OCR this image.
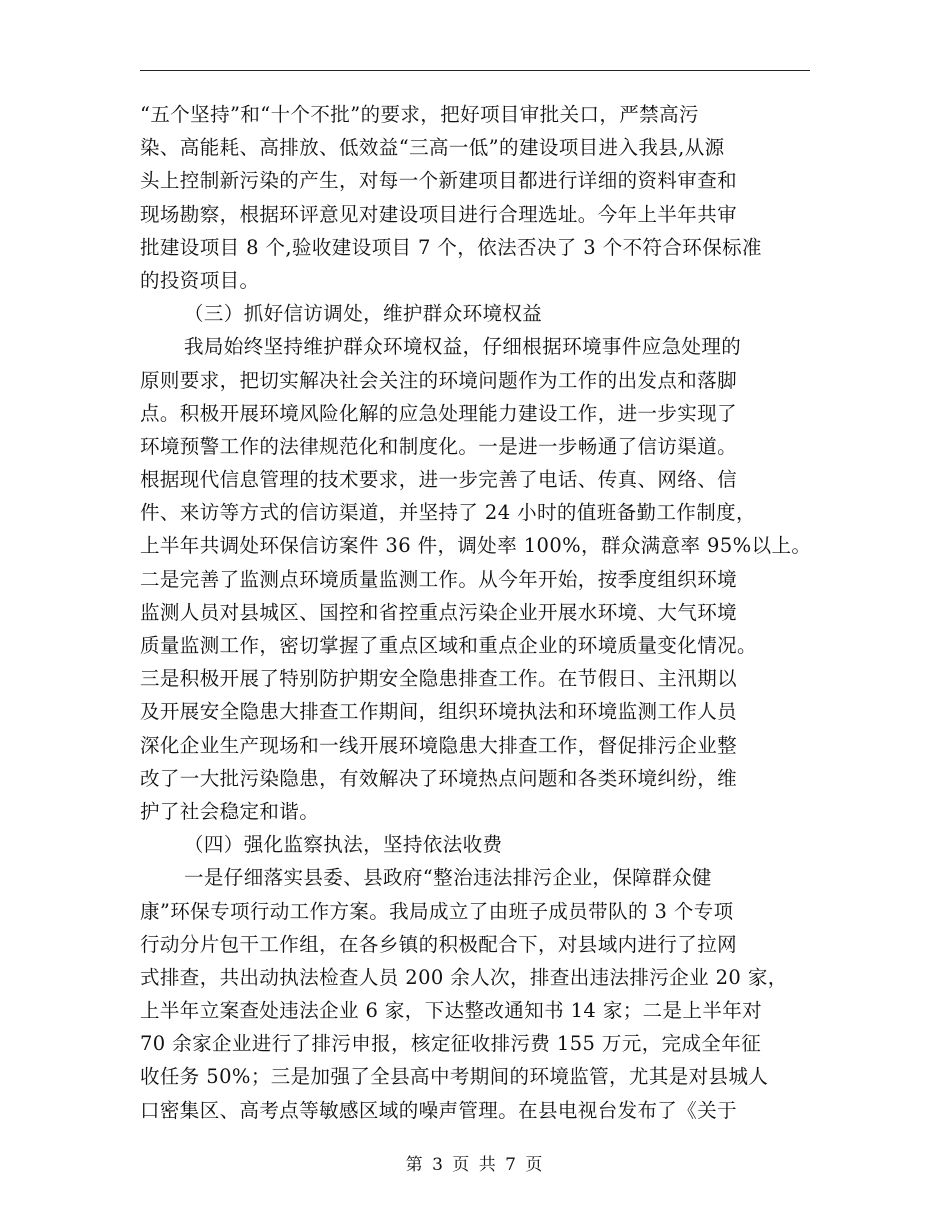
“五个坚持”和“十个不批”的要求，把好项目审批关口，严禁高污
染、高能耗、高排放、低效益“三高一低”的建设项目进入我县,从源
头上控制新污染的产生，对每一个新建项目都进行详细的资料审查和
现场勘察，根据环评意见对建设项目进行合理选址。今年上半年共审
批建设项目 8 个,验收建设项目 7 个，依法否决了 3 个不符合环保标准
的投资项目。
（三）抓好信访调处，维护群众环境权益
我局始终坚持维护群众环境权益，仔细根据环境事件应急处理的
原则要求，把切实解决社会关注的环境问题作为工作的出发点和落脚
点。积极开展环境风险化解的应急处理能力建设工作，进一步实现了
环境预警工作的法律规范化和制度化。一是进一步畅通了信访渠道。
根据现代信息管理的技术要求，进一步完善了电话、传真、网络、信
件、来访等方式的信访渠道，并坚持了 24 小时的值班备勤工作制度，
上半年共调处环保信访案件 36 件，调处率 100%，群众满意率 95%以上。
二是完善了监测点环境质量监测工作。从今年开始，按季度组织环境
监测人员对县城区、国控和省控重点污染企业开展水环境、大气环境
质量监测工作，密切掌握了重点区域和重点企业的环境质量变化情况。
三是积极开展了特别防护期安全隐患排查工作。在节假日、主汛期以
及开展安全隐患大排查工作期间，组织环境执法和环境监测工作人员
深化企业生产现场和一线开展环境隐患大排查工作，督促排污企业整
改了一大批污染隐患，有效解决了环境热点问题和各类环境纠纷，维
护了社会稳定和谐。
（四）强化监察执法，坚持依法收费
一是仔细落实县委、县政府“整治违法排污企业，保障群众健
康”环保专项行动工作方案。我局成立了由班子成员带队的 3 个专项
行动分片包干工作组，在各乡镇的积极配合下，对县域内进行了拉网
式排查，共出动执法检查人员 200 余人次，排查出违法排污企业 20 家，
上半年立案查处违法企业 6 家，下达整改通知书 14 家；二是上半年对
70 余家企业进行了排污申报，核定征收排污费 155 万元，完成全年征
收任务 50%；三是加强了全县高中考期间的环境监管，尤其是对县城人
口密集区、高考点等敏感区域的噪声管理。在县电视台发布了《关于
第 3 页 共 7 页
